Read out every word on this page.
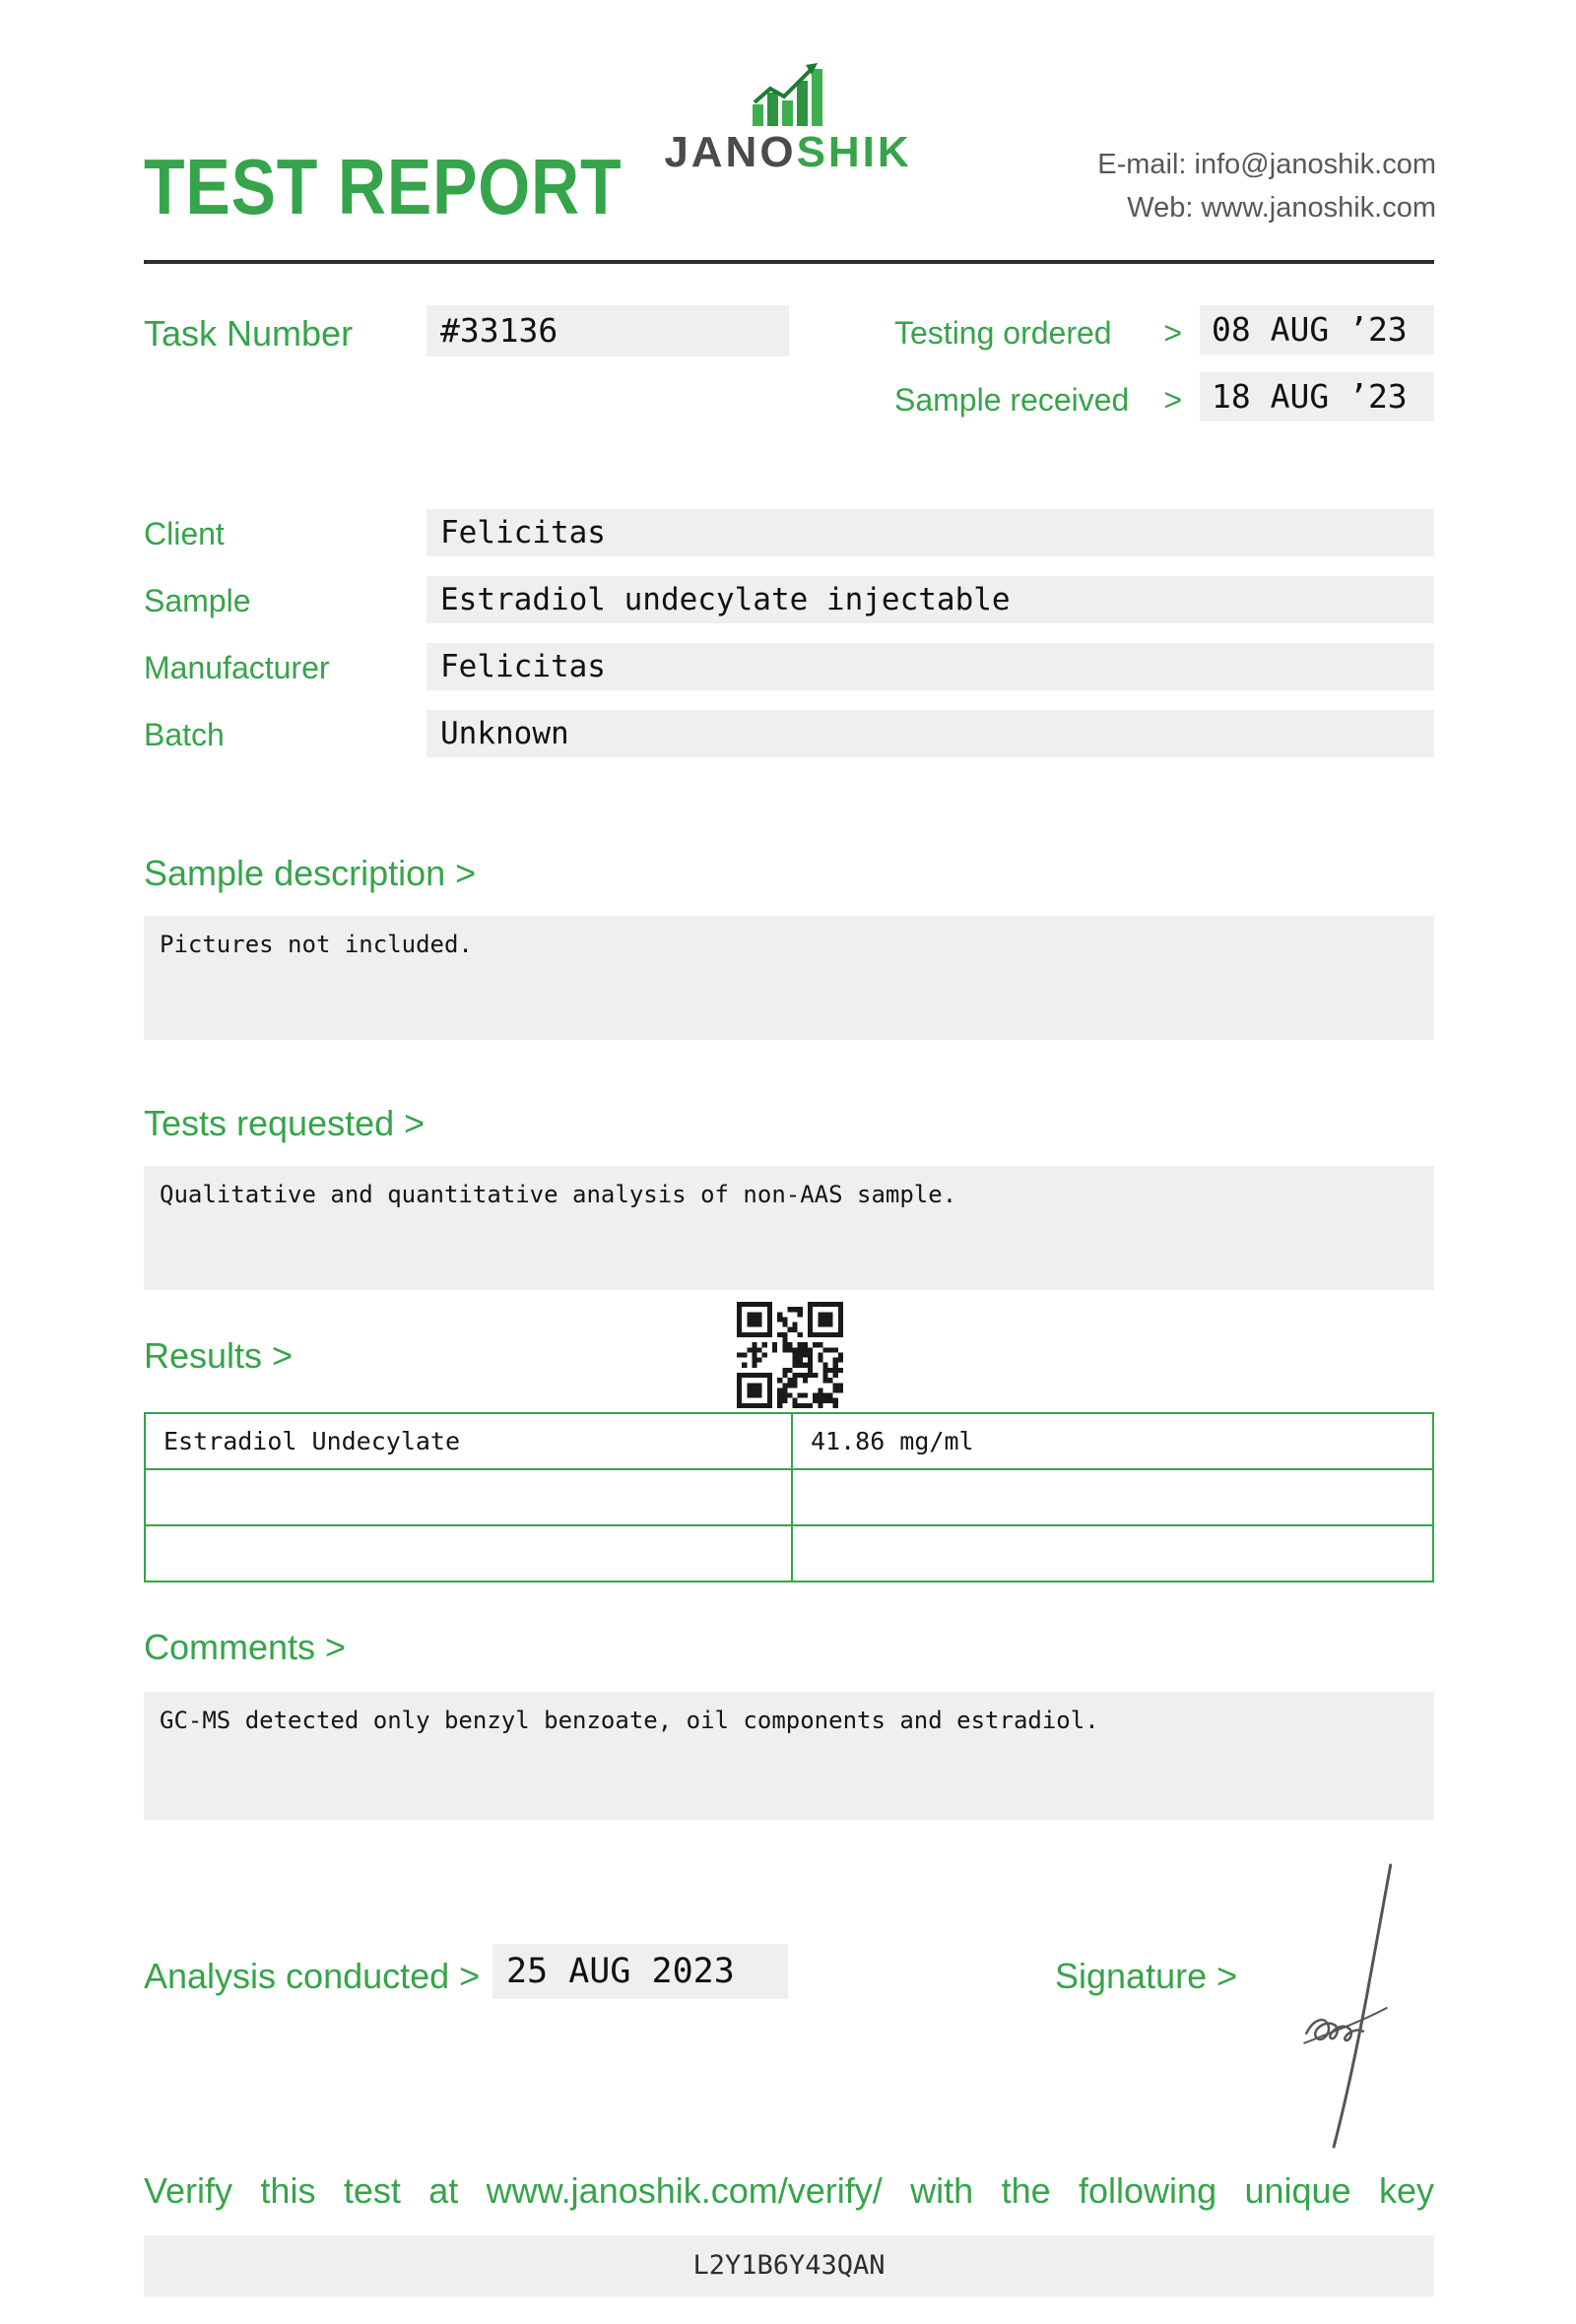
TEST REPORT JANOSHIK	E-mail: info@janoshik.com
Web: www.janoshik.com
Task Number	#33136	Testing ordered > 08 AUG ’23
Sample received > 18 AUG ’23
Client	Felicitas
Sample	Estradiol undecylate injectable
Manufacturer	Felicitas
Batch	Unknown
Sample description >
Pictures not included.
Tests requested >
Qualitative and quantitative analysis of non-AAS sample.
Results >
Estradiol Undecylate	41.86 mg/ml

Comments >
GC-MS detected only benzyl benzoate, oil components and estradiol.
Analysis conducted > 25 AUG 2023	Signature >
Verify this test at www.janoshik.com/verify/ with the following unique key
L2Y1B6Y43QAN
